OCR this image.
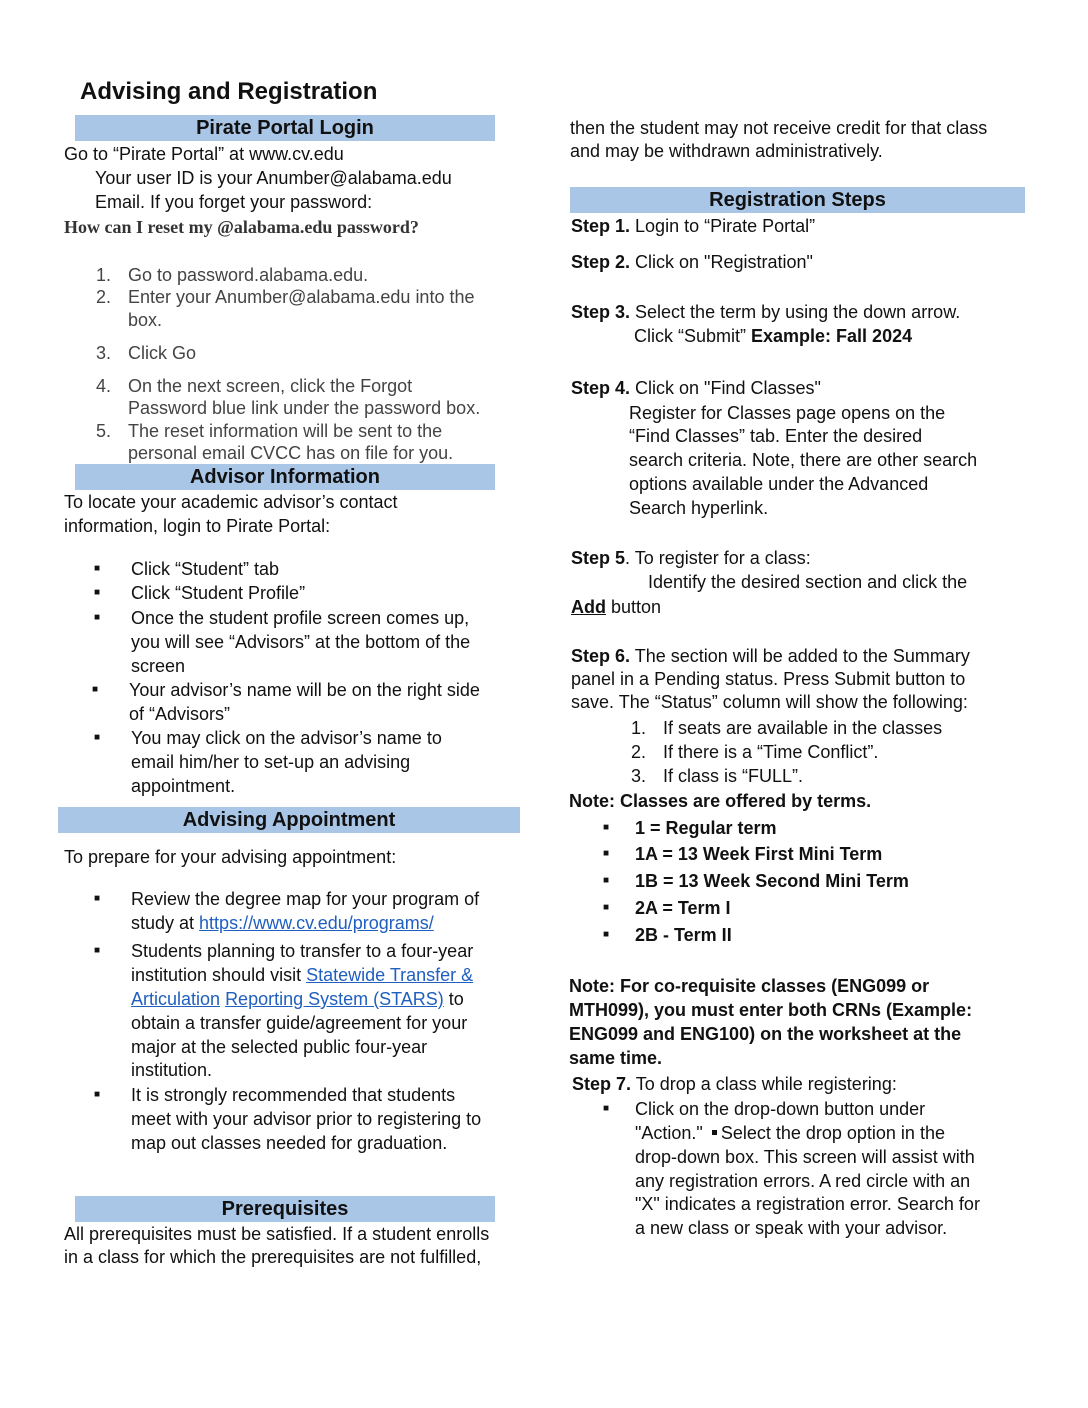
Advising and Registration
Pirate Portal Login
Go to “Pirate Portal” at www.cv.edu
Your user ID is your Anumber@alabama.edu
Email. If you forget your password:
How can I reset my @alabama.edu password?
1. Go to password.alabama.edu.
2. Enter your Anumber@alabama.edu into the
box.
3. Click Go
4. On the next screen, click the Forgot
Password blue link under the password box.
5. The reset information will be sent to the
personal email CVCC has on file for you.
Advisor Information
To locate your academic advisor’s contact
information, login to Pirate Portal:
■ Click “Student” tab
■ Click “Student Profile”
■ Once the student profile screen comes up,
you will see “Advisors” at the bottom of the
screen
■ Your advisor’s name will be on the right side
of “Advisors”
■ You may click on the advisor’s name to
email him/her to set-up an advising
appointment.
Advising Appointment
To prepare for your advising appointment:
■ Review the degree map for your program of
study at https://www.cv.edu/programs/
■ Students planning to transfer to a four-year
institution should visit Statewide Transfer &
Articulation Reporting System (STARS) to
obtain a transfer guide/agreement for your
major at the selected public four-year
institution.
■ It is strongly recommended that students
meet with your advisor prior to registering to
map out classes needed for graduation.
Prerequisites
All prerequisites must be satisfied. If a student enrolls
in a class for which the prerequisites are not fulfilled,
then the student may not receive credit for that class
and may be withdrawn administratively.
Registration Steps
Step 1. Login to “Pirate Portal”
Step 2. Click on "Registration"
Step 3. Select the term by using the down arrow.
Click “Submit” Example: Fall 2024
Step 4. Click on "Find Classes"
Register for Classes page opens on the
“Find Classes” tab. Enter the desired
search criteria. Note, there are other search
options available under the Advanced
Search hyperlink.
Step 5. To register for a class:
Identify the desired section and click the
Add button
Step 6. The section will be added to the Summary
panel in a Pending status. Press Submit button to
save. The “Status” column will show the following:
1. If seats are available in the classes
2. If there is a “Time Conflict”.
3. If class is “FULL”.
Note: Classes are offered by terms.
■ 1 = Regular term
■ 1A = 13 Week First Mini Term
■ 1B = 13 Week Second Mini Term
■ 2A = Term I
■ 2B - Term II
Note: For co-requisite classes (ENG099 or
MTH099), you must enter both CRNs (Example:
ENG099 and ENG100) on the worksheet at the
same time.
Step 7. To drop a class while registering:
■ Click on the drop-down button under
"Action." Select the drop option in the
drop-down box. This screen will assist with
any registration errors. A red circle with an
"X" indicates a registration error. Search for
a new class or speak with your advisor.
